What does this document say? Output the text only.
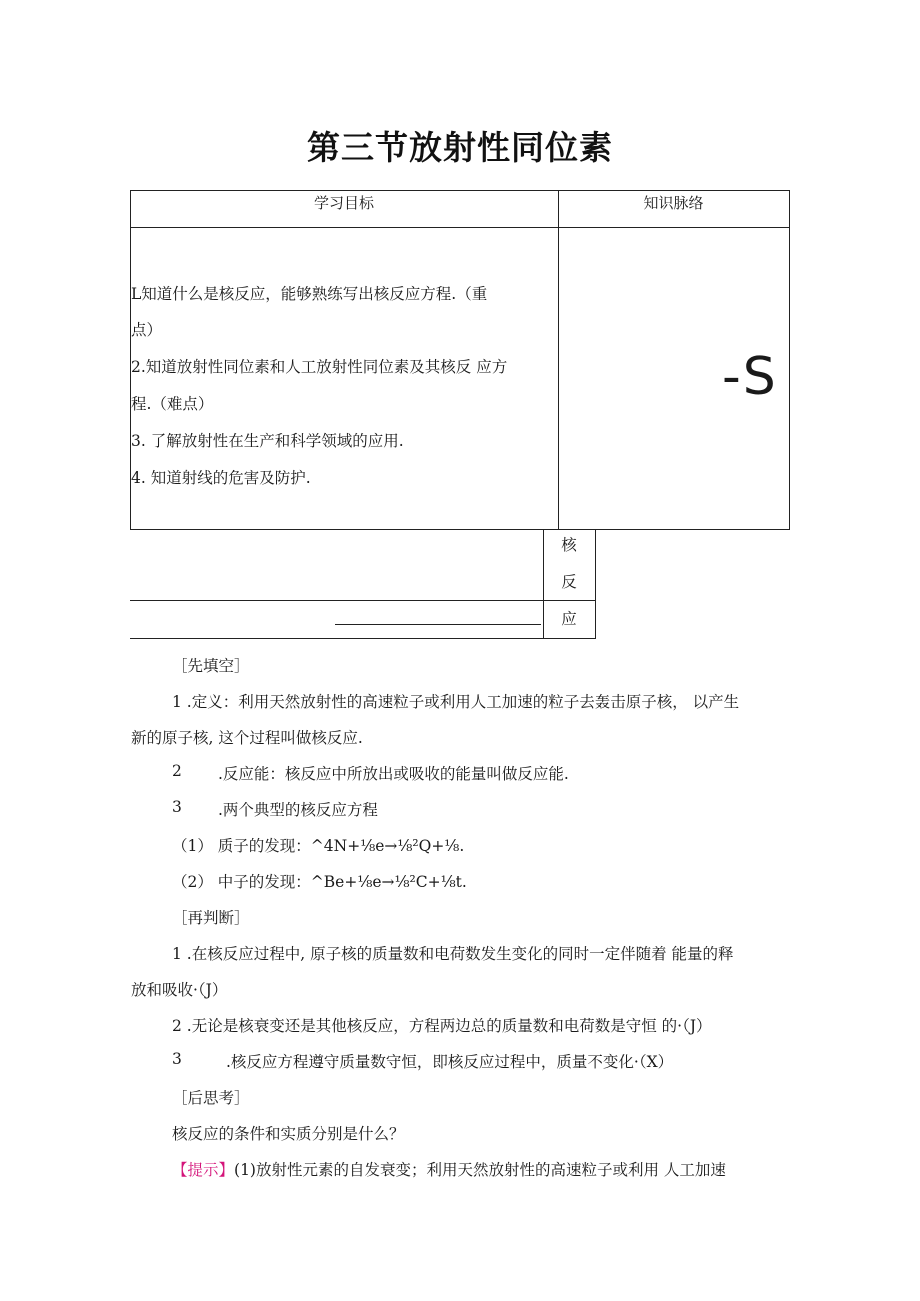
第三节放射性同位素
学习目标	知识脉络
L知道什么是核反应，能够熟练写出核反应方程.（重
点）
2.知道放射性同位素和人工放射性同位素及其核反 应方
程.（难点）
3. 了解放射性在生产和科学领域的应用.
4. 知道射线的危害及防护.
-S
核
反
应
［先填空］
1 .定义：利用天然放射性的高速粒子或利用人工加速的粒子去轰击原子核， 以产生
新的原子核, 这个过程叫做核反应.
2 .反应能：核反应中所放出或吸收的能量叫做反应能.
3 .两个典型的核反应方程
（1） 质子的发现：^4N+⅛e→⅛²Q+⅛.
（2） 中子的发现：^Be+⅛e→⅛²C+⅛t.
［再判断］
1 .在核反应过程中, 原子核的质量数和电荷数发生变化的同时一定伴随着 能量的释
放和吸收·（J）
2 .无论是核衰变还是其他核反应，方程两边总的质量数和电荷数是守恒 的·（J）
3	.核反应方程遵守质量数守恒，即核反应过程中，质量不变化·（X）
［后思考］
核反应的条件和实质分别是什么？
【提示】(1)放射性元素的自发衰变；利用天然放射性的高速粒子或利用 人工加速
